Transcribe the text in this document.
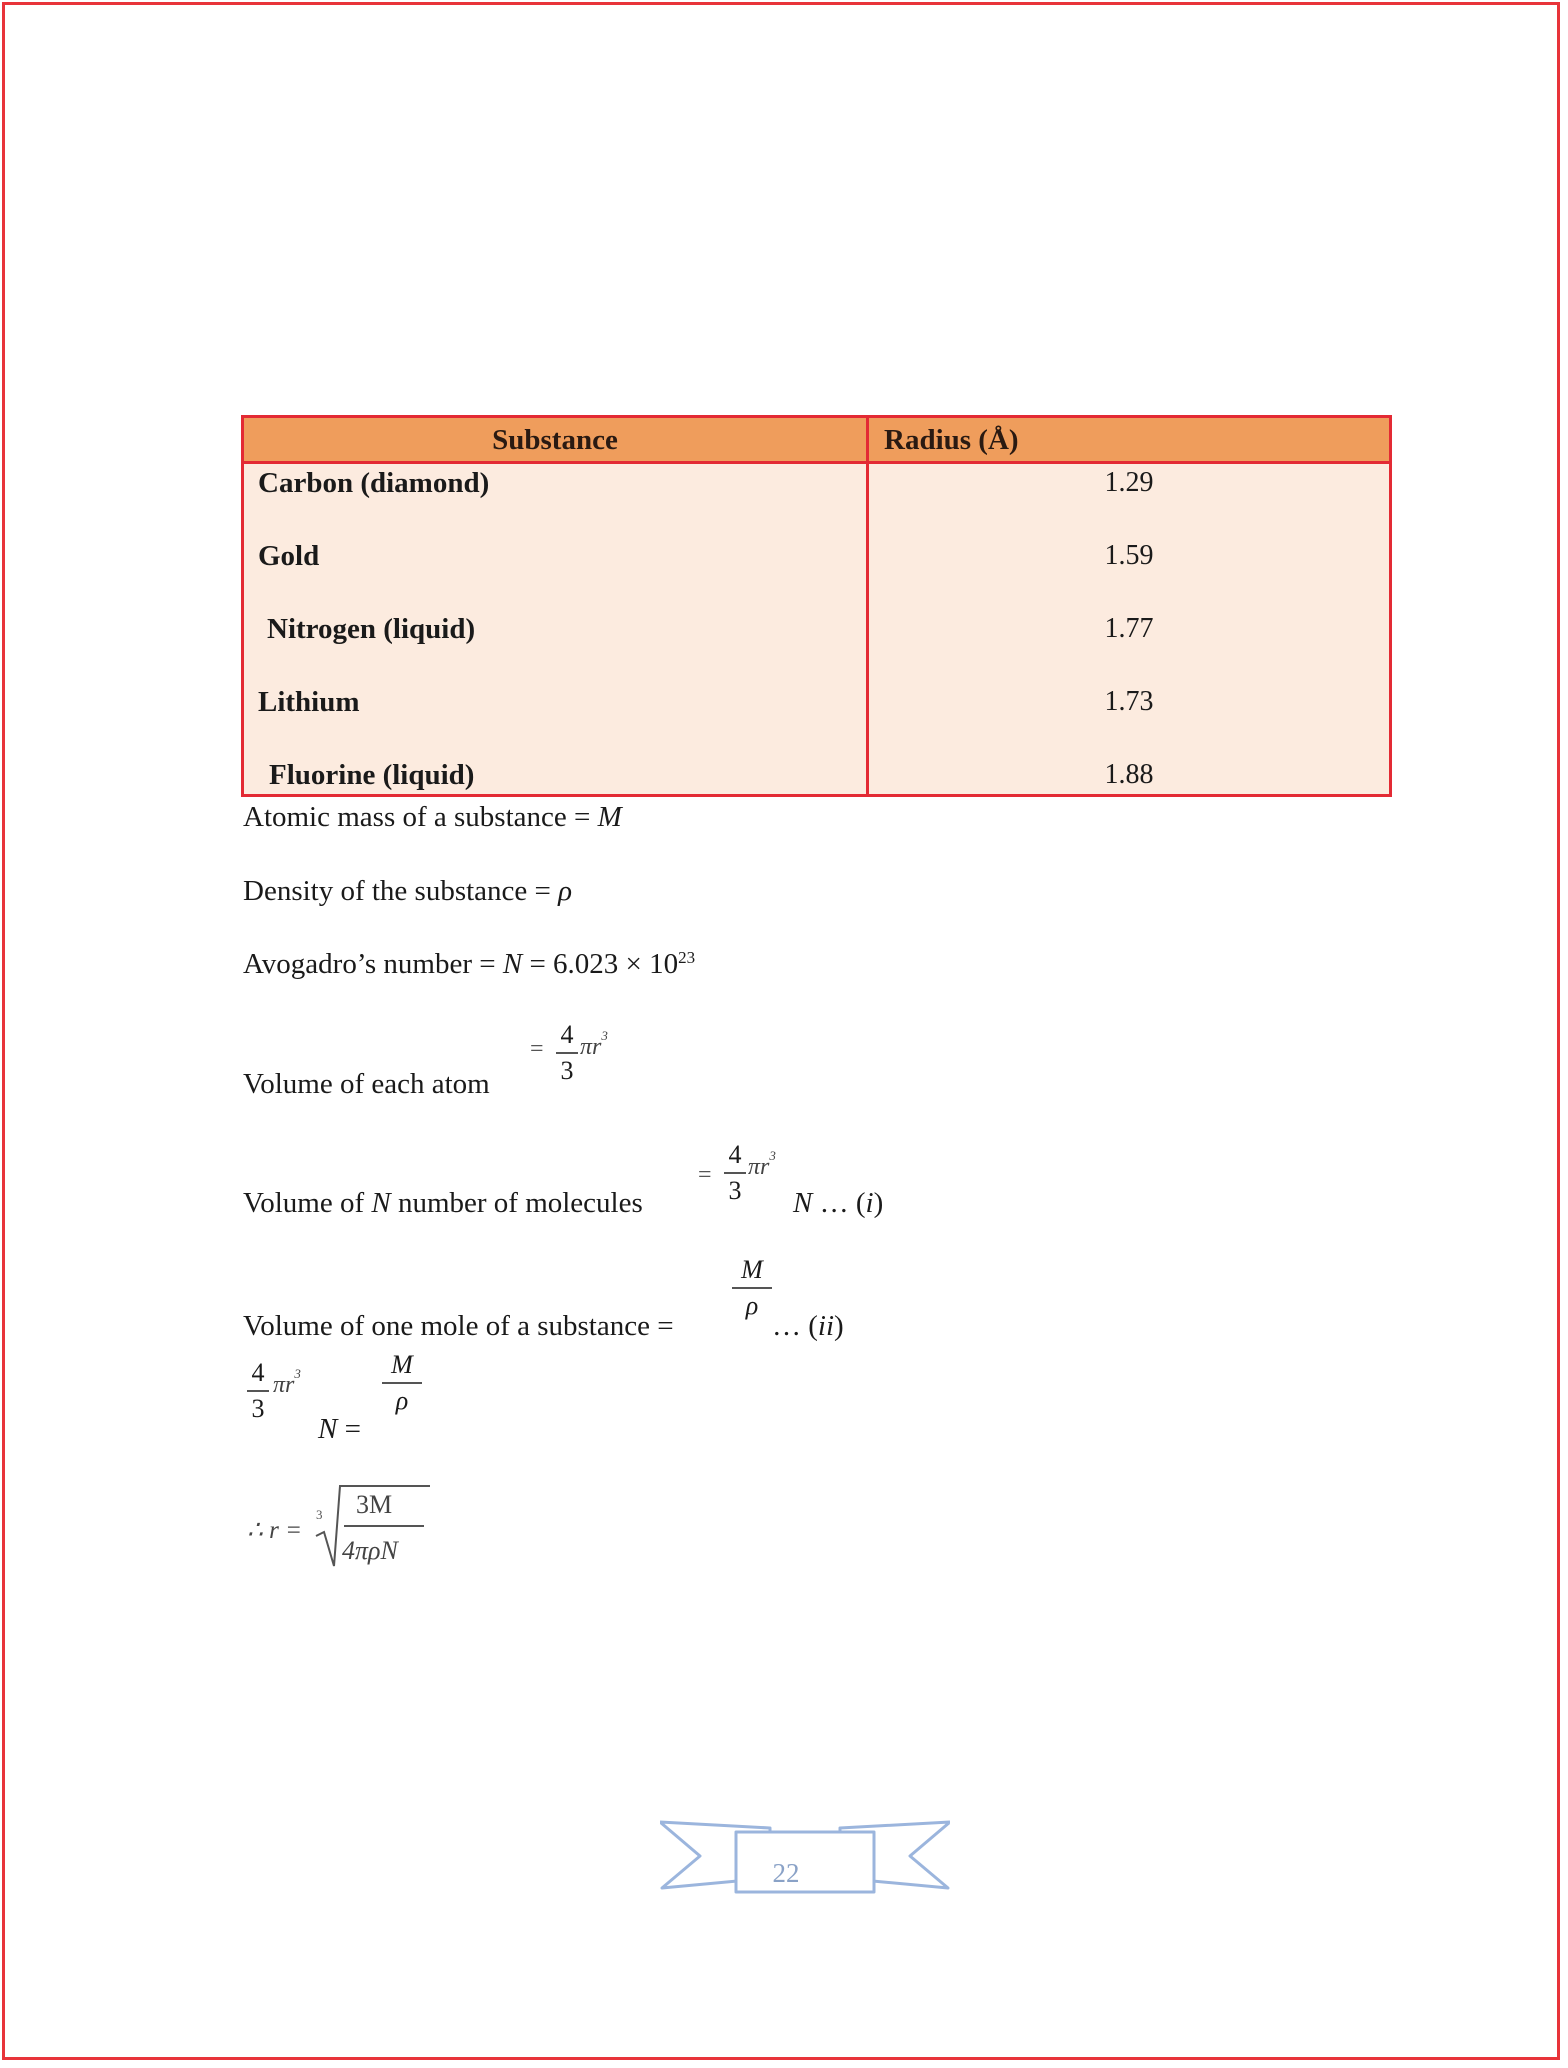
Substance	Radius (Å)
Carbon (diamond)	1.29
Gold	1.59
Nitrogen (liquid)	1.77
Lithium	1.73
Fluorine (liquid)	1.88
Atomic mass of a substance = M
Density of the substance = ρ
Avogadro’s number = $N = 6.023 \times 10^{23}$
Volume of each atom
= 4
3
$\pi r^3$
Volume of N number of molecules
=
4
3
$\pi r^3$
N … (i)
Volume of one mole of a substance =
M
ρ
… (ii)
4
3
$\pi r^3$
N =
M
ρ
∴ r =
3 3M
4πρN
22
